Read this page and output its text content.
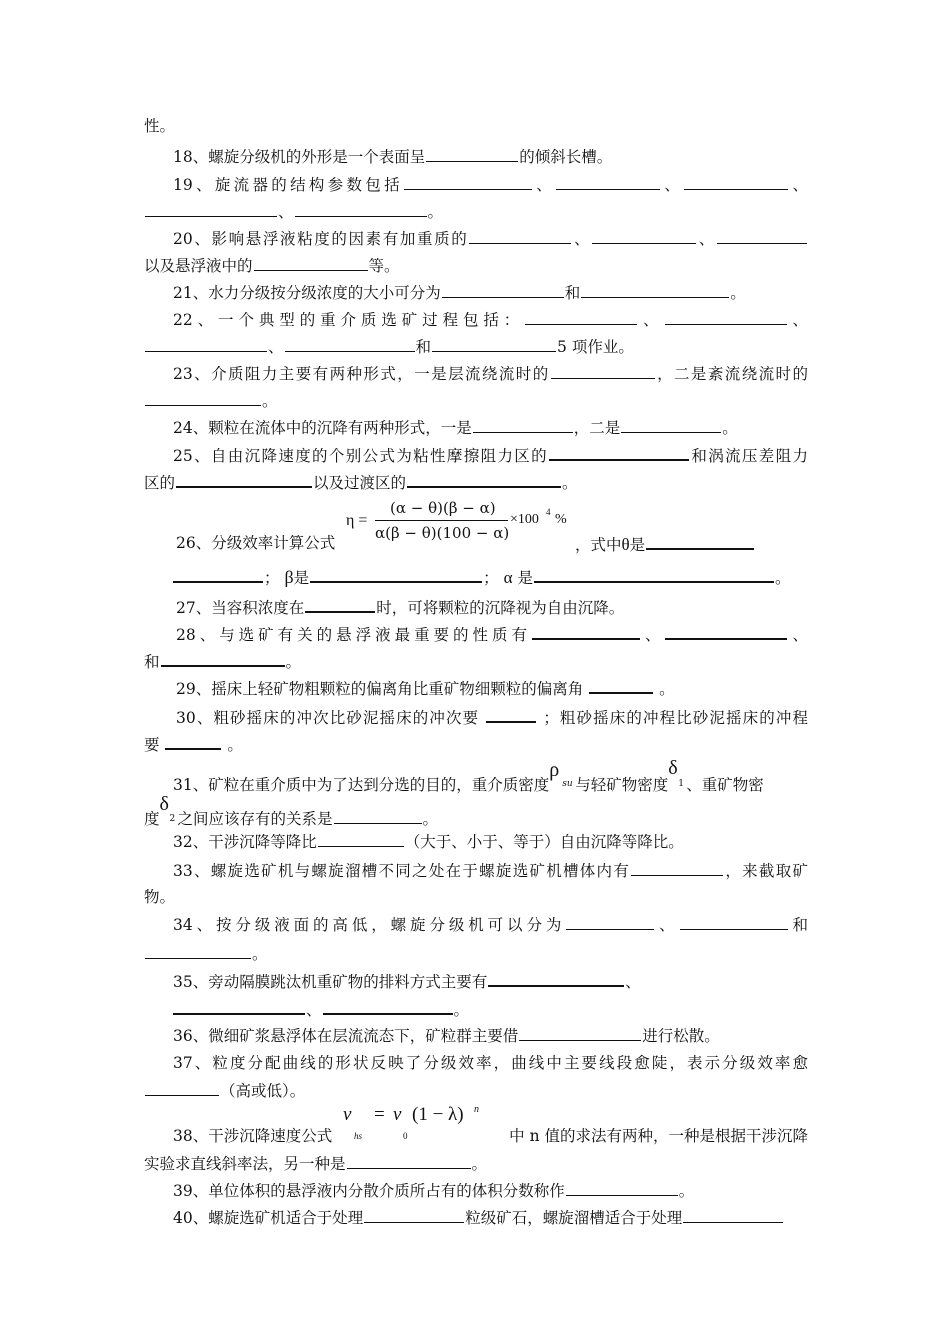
性。
18、螺旋分级机的外形是一个表面呈	的倾斜长槽。
19、旋流器的结构参数包括	、	、	、
、	。
20、影响悬浮液粘度的因素有加重质的	、	、
以及悬浮液中的	等。
21、水力分级按分级浓度的大小可分为	和	。
22、一个典型的重介质选矿过程包括：	、	、
、	和	5 项作业。
23、介质阻力主要有两种形式，一是层流绕流时的	，二是紊流绕流时的
。
24、颗粒在流体中的沉降有两种形式，一是	，二是	。
25、自由沉降速度的个别公式为粘性摩擦阻力区的	和涡流压差阻力
区的	以及过渡区的	。
η =
(α − θ)(β − α)
α(β − θ)(100 − α)
×100 4 %
26、分级效率计算公式	，式中θ是
； β是	； α 是	。
27、当容积浓度在	时，可将颗粒的沉降视为自由沉降。
28、与选矿有关的悬浮液最重要的性质有	、	、
和	。
29、摇床上轻矿物粗颗粒的偏离角比重矿物细颗粒的偏离角	。
30、粗砂摇床的冲次比砂泥摇床的冲次要	；粗砂摇床的冲程比砂泥摇床的冲程
要	。
31、矿粒在重介质中为了达到分选的目的，重介质密度
ρ
su 与轻矿物密度
δ
1 、重矿物密
度
δ
2 之间应该存有的关系是	。
32、干涉沉降等降比	（大于、小于、等于）自由沉降等降比。
33、螺旋选矿机与螺旋溜槽不同之处在于螺旋选矿机槽体内有	，来截取矿
物。
34、按分级液面的高低，螺旋分级机可以分为	、	和
。
35、旁动隔膜跳汰机重矿物的排料方式主要有	、
、	。
36、微细矿浆悬浮体在层流流态下，矿粒群主要借	进行松散。
37、粒度分配曲线的形状反映了分级效率，曲线中主要线段愈陡，表示分级效率愈
（高或低）。
v
hs
= v
0
(1 − λ) n
38、干涉沉降速度公式	中 n 值的求法有两种，一种是根据干涉沉降
实验求直线斜率法，另一种是	。
39、单位体积的悬浮液内分散介质所占有的体积分数称作	。
40、螺旋选矿机适合于处理	粒级矿石，螺旋溜槽适合于处理
